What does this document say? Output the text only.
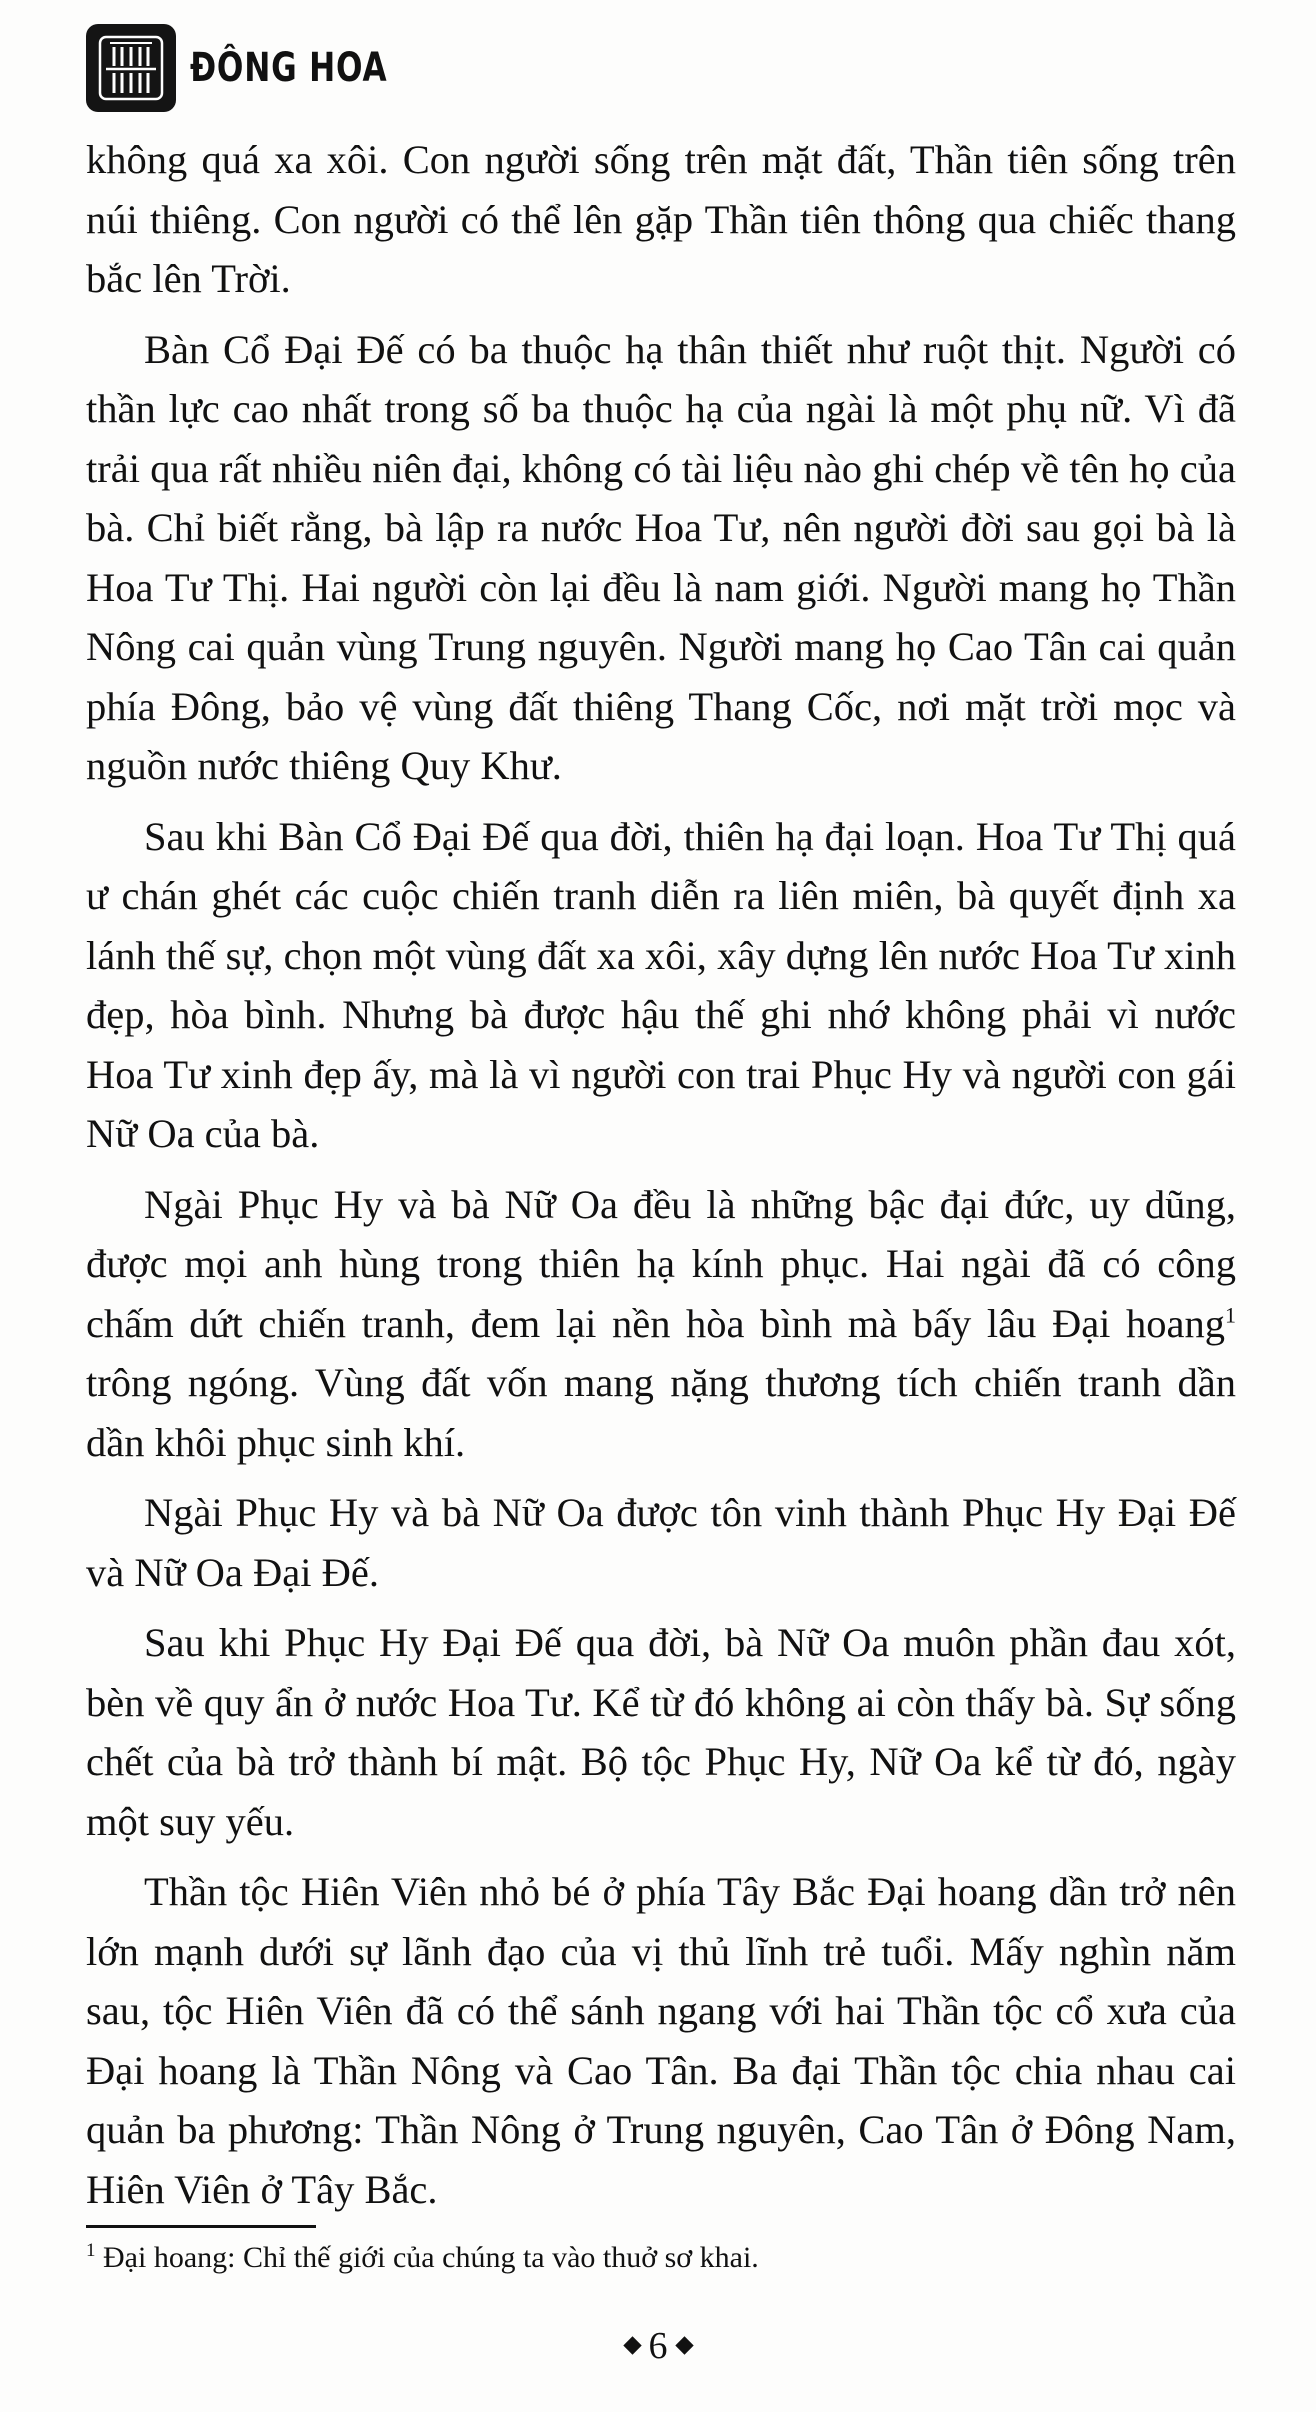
ĐÔNG HOA

không quá xa xôi. Con người sống trên mặt đất, Thần tiên sống trên núi thiêng. Con người có thể lên gặp Thần tiên thông qua chiếc thang bắc lên Trời.

Bàn Cổ Đại Đế có ba thuộc hạ thân thiết như ruột thịt. Người có thần lực cao nhất trong số ba thuộc hạ của ngài là một phụ nữ. Vì đã trải qua rất nhiều niên đại, không có tài liệu nào ghi chép về tên họ của bà. Chỉ biết rằng, bà lập ra nước Hoa Tư, nên người đời sau gọi bà là Hoa Tư Thị. Hai người còn lại đều là nam giới. Người mang họ Thần Nông cai quản vùng Trung nguyên. Người mang họ Cao Tân cai quản phía Đông, bảo vệ vùng đất thiêng Thang Cốc, nơi mặt trời mọc và nguồn nước thiêng Quy Khư.

Sau khi Bàn Cổ Đại Đế qua đời, thiên hạ đại loạn. Hoa Tư Thị quá ư chán ghét các cuộc chiến tranh diễn ra liên miên, bà quyết định xa lánh thế sự, chọn một vùng đất xa xôi, xây dựng lên nước Hoa Tư xinh đẹp, hòa bình. Nhưng bà được hậu thế ghi nhớ không phải vì nước Hoa Tư xinh đẹp ấy, mà là vì người con trai Phục Hy và người con gái Nữ Oa của bà.

Ngài Phục Hy và bà Nữ Oa đều là những bậc đại đức, uy dũng, được mọi anh hùng trong thiên hạ kính phục. Hai ngài đã có công chấm dứt chiến tranh, đem lại nền hòa bình mà bấy lâu Đại hoang$^1$ trông ngóng. Vùng đất vốn mang nặng thương tích chiến tranh dần dần khôi phục sinh khí.

Ngài Phục Hy và bà Nữ Oa được tôn vinh thành Phục Hy Đại Đế và Nữ Oa Đại Đế.

Sau khi Phục Hy Đại Đế qua đời, bà Nữ Oa muôn phần đau xót, bèn về quy ẩn ở nước Hoa Tư. Kể từ đó không ai còn thấy bà. Sự sống chết của bà trở thành bí mật. Bộ tộc Phục Hy, Nữ Oa kể từ đó, ngày một suy yếu.

Thần tộc Hiên Viên nhỏ bé ở phía Tây Bắc Đại hoang dần trở nên lớn mạnh dưới sự lãnh đạo của vị thủ lĩnh trẻ tuổi. Mấy nghìn năm sau, tộc Hiên Viên đã có thể sánh ngang với hai Thần tộc cổ xưa của Đại hoang là Thần Nông và Cao Tân. Ba đại Thần tộc chia nhau cai quản ba phương: Thần Nông ở Trung nguyên, Cao Tân ở Đông Nam, Hiên Viên ở Tây Bắc.

$^1$ Đại hoang: Chỉ thế giới của chúng ta vào thuở sơ khai.
6
